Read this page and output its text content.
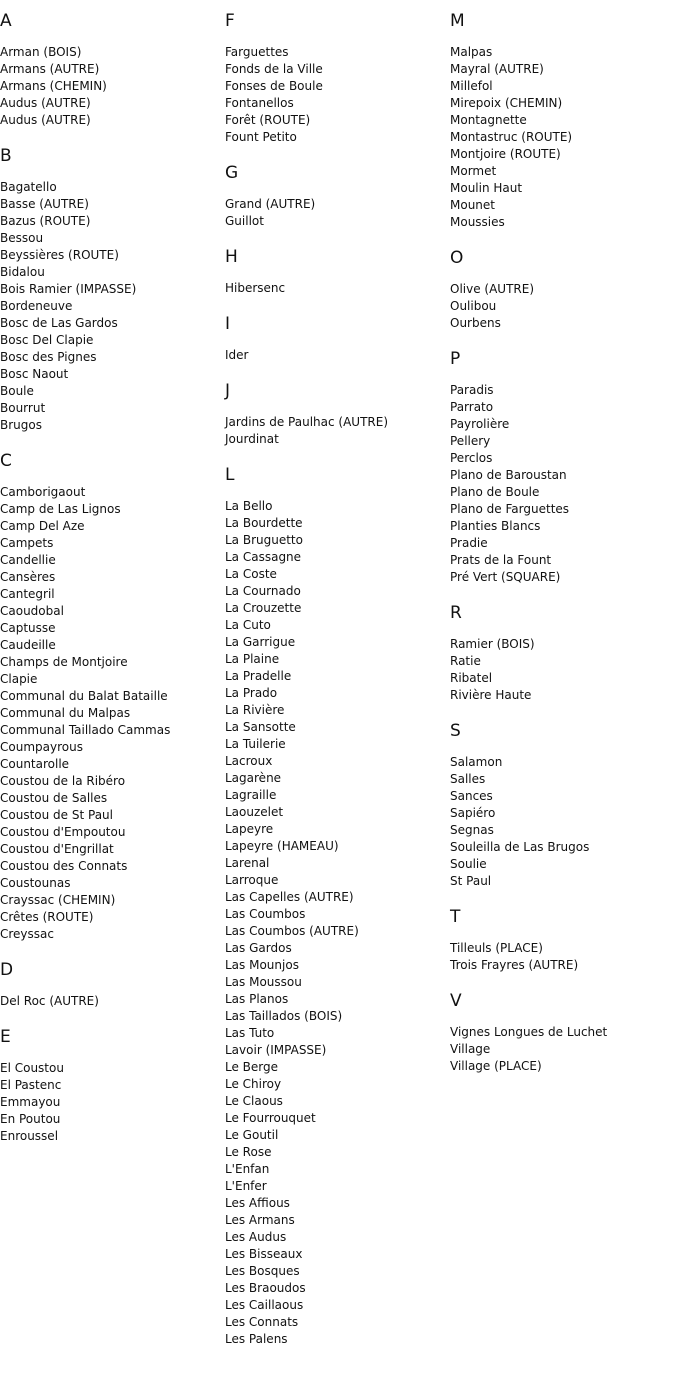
A
Arman (BOIS)
Armans (AUTRE)
Armans (CHEMIN)
Audus (AUTRE)
Audus (AUTRE)
B
Bagatello
Basse (AUTRE)
Bazus (ROUTE)
Bessou
Beyssières (ROUTE)
Bidalou
Bois Ramier (IMPASSE)
Bordeneuve
Bosc de Las Gardos
Bosc Del Clapie
Bosc des Pignes
Bosc Naout
Boule
Bourrut
Brugos
C
Camborigaout
Camp de Las Lignos
Camp Del Aze
Campets
Candellie
Cansères
Cantegril
Caoudobal
Captusse
Caudeille
Champs de Montjoire
Clapie
Communal du Balat Bataille
Communal du Malpas
Communal Taillado Cammas
Coumpayrous
Countarolle
Coustou de la Ribéro
Coustou de Salles
Coustou de St Paul
Coustou d'Empoutou
Coustou d'Engrillat
Coustou des Connats
Coustounas
Crayssac (CHEMIN)
Crêtes (ROUTE)
Creyssac
D
Del Roc (AUTRE)
E
El Coustou
El Pastenc
Emmayou
En Poutou
Enroussel
F
Farguettes
Fonds de la Ville
Fonses de Boule
Fontanellos
Forêt (ROUTE)
Fount Petito
G
Grand (AUTRE)
Guillot
H
Hibersenc
I
Ider
J
Jardins de Paulhac (AUTRE)
Jourdinat
L
La Bello
La Bourdette
La Bruguetto
La Cassagne
La Coste
La Cournado
La Crouzette
La Cuto
La Garrigue
La Plaine
La Pradelle
La Prado
La Rivière
La Sansotte
La Tuilerie
Lacroux
Lagarène
Lagraille
Laouzelet
Lapeyre
Lapeyre (HAMEAU)
Larenal
Larroque
Las Capelles (AUTRE)
Las Coumbos
Las Coumbos (AUTRE)
Las Gardos
Las Mounjos
Las Moussou
Las Planos
Las Taillados (BOIS)
Las Tuto
Lavoir (IMPASSE)
Le Berge
Le Chiroy
Le Claous
Le Fourrouquet
Le Goutil
Le Rose
L'Enfan
L'Enfer
Les Affious
Les Armans
Les Audus
Les Bisseaux
Les Bosques
Les Braoudos
Les Caillaous
Les Connats
Les Palens
M
Malpas
Mayral (AUTRE)
Millefol
Mirepoix (CHEMIN)
Montagnette
Montastruc (ROUTE)
Montjoire (ROUTE)
Mormet
Moulin Haut
Mounet
Moussies
O
Olive (AUTRE)
Oulibou
Ourbens
P
Paradis
Parrato
Payrolière
Pellery
Perclos
Plano de Baroustan
Plano de Boule
Plano de Farguettes
Planties Blancs
Pradie
Prats de la Fount
Pré Vert (SQUARE)
R
Ramier (BOIS)
Ratie
Ribatel
Rivière Haute
S
Salamon
Salles
Sances
Sapiéro
Segnas
Souleilla de Las Brugos
Soulie
St Paul
T
Tilleuls (PLACE)
Trois Frayres (AUTRE)
V
Vignes Longues de Luchet
Village
Village (PLACE)
